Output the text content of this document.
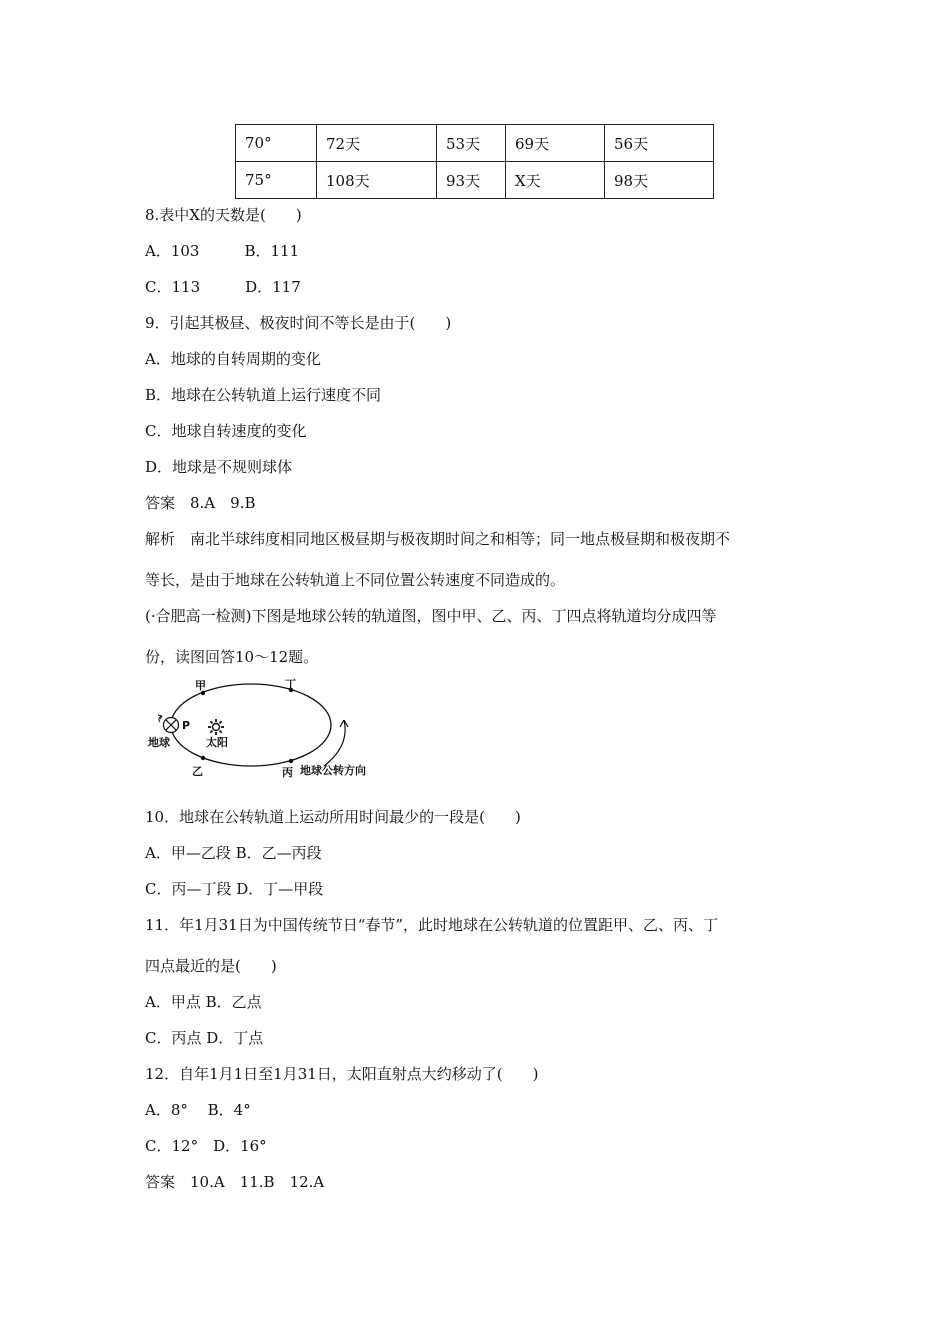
70°	72天	53天	69天	56天
75°	108天	93天	X天	98天
8.表中X的天数是(　　)
A．103　　　B．111
C．113　　　D．117
9．引起其极昼、极夜时间不等长是由于(　　)
A．地球的自转周期的变化
B．地球在公转轨道上运行速度不同
C．地球自转速度的变化
D．地球是不规则球体
答案　8.A　9.B
解析　南北半球纬度相同地区极昼期与极夜期时间之和相等；同一地点极昼期和极夜期不
等长，是由于地球在公转轨道上不同位置公转速度不同造成的。
(·合肥高一检测)下图是地球公转的轨道图，图中甲、乙、丙、丁四点将轨道均分成四等
份，读图回答10～12题。
甲	丁
乙	丙
P
地球	太阳
地球公转方向
10．地球在公转轨道上运动所用时间最少的一段是(　　)
A．甲—乙段 B．乙—丙段
C．丙—丁段 D．丁—甲段
11．年1月31日为中国传统节日“春节”，此时地球在公转轨道的位置距甲、乙、丙、丁
四点最近的是(　　)
A．甲点 B．乙点
C．丙点 D．丁点
12．自年1月1日至1月31日，太阳直射点大约移动了(　　)
A．8°　 B．4°
C．12°　D．16°
答案　10.A　11.B　12.A
